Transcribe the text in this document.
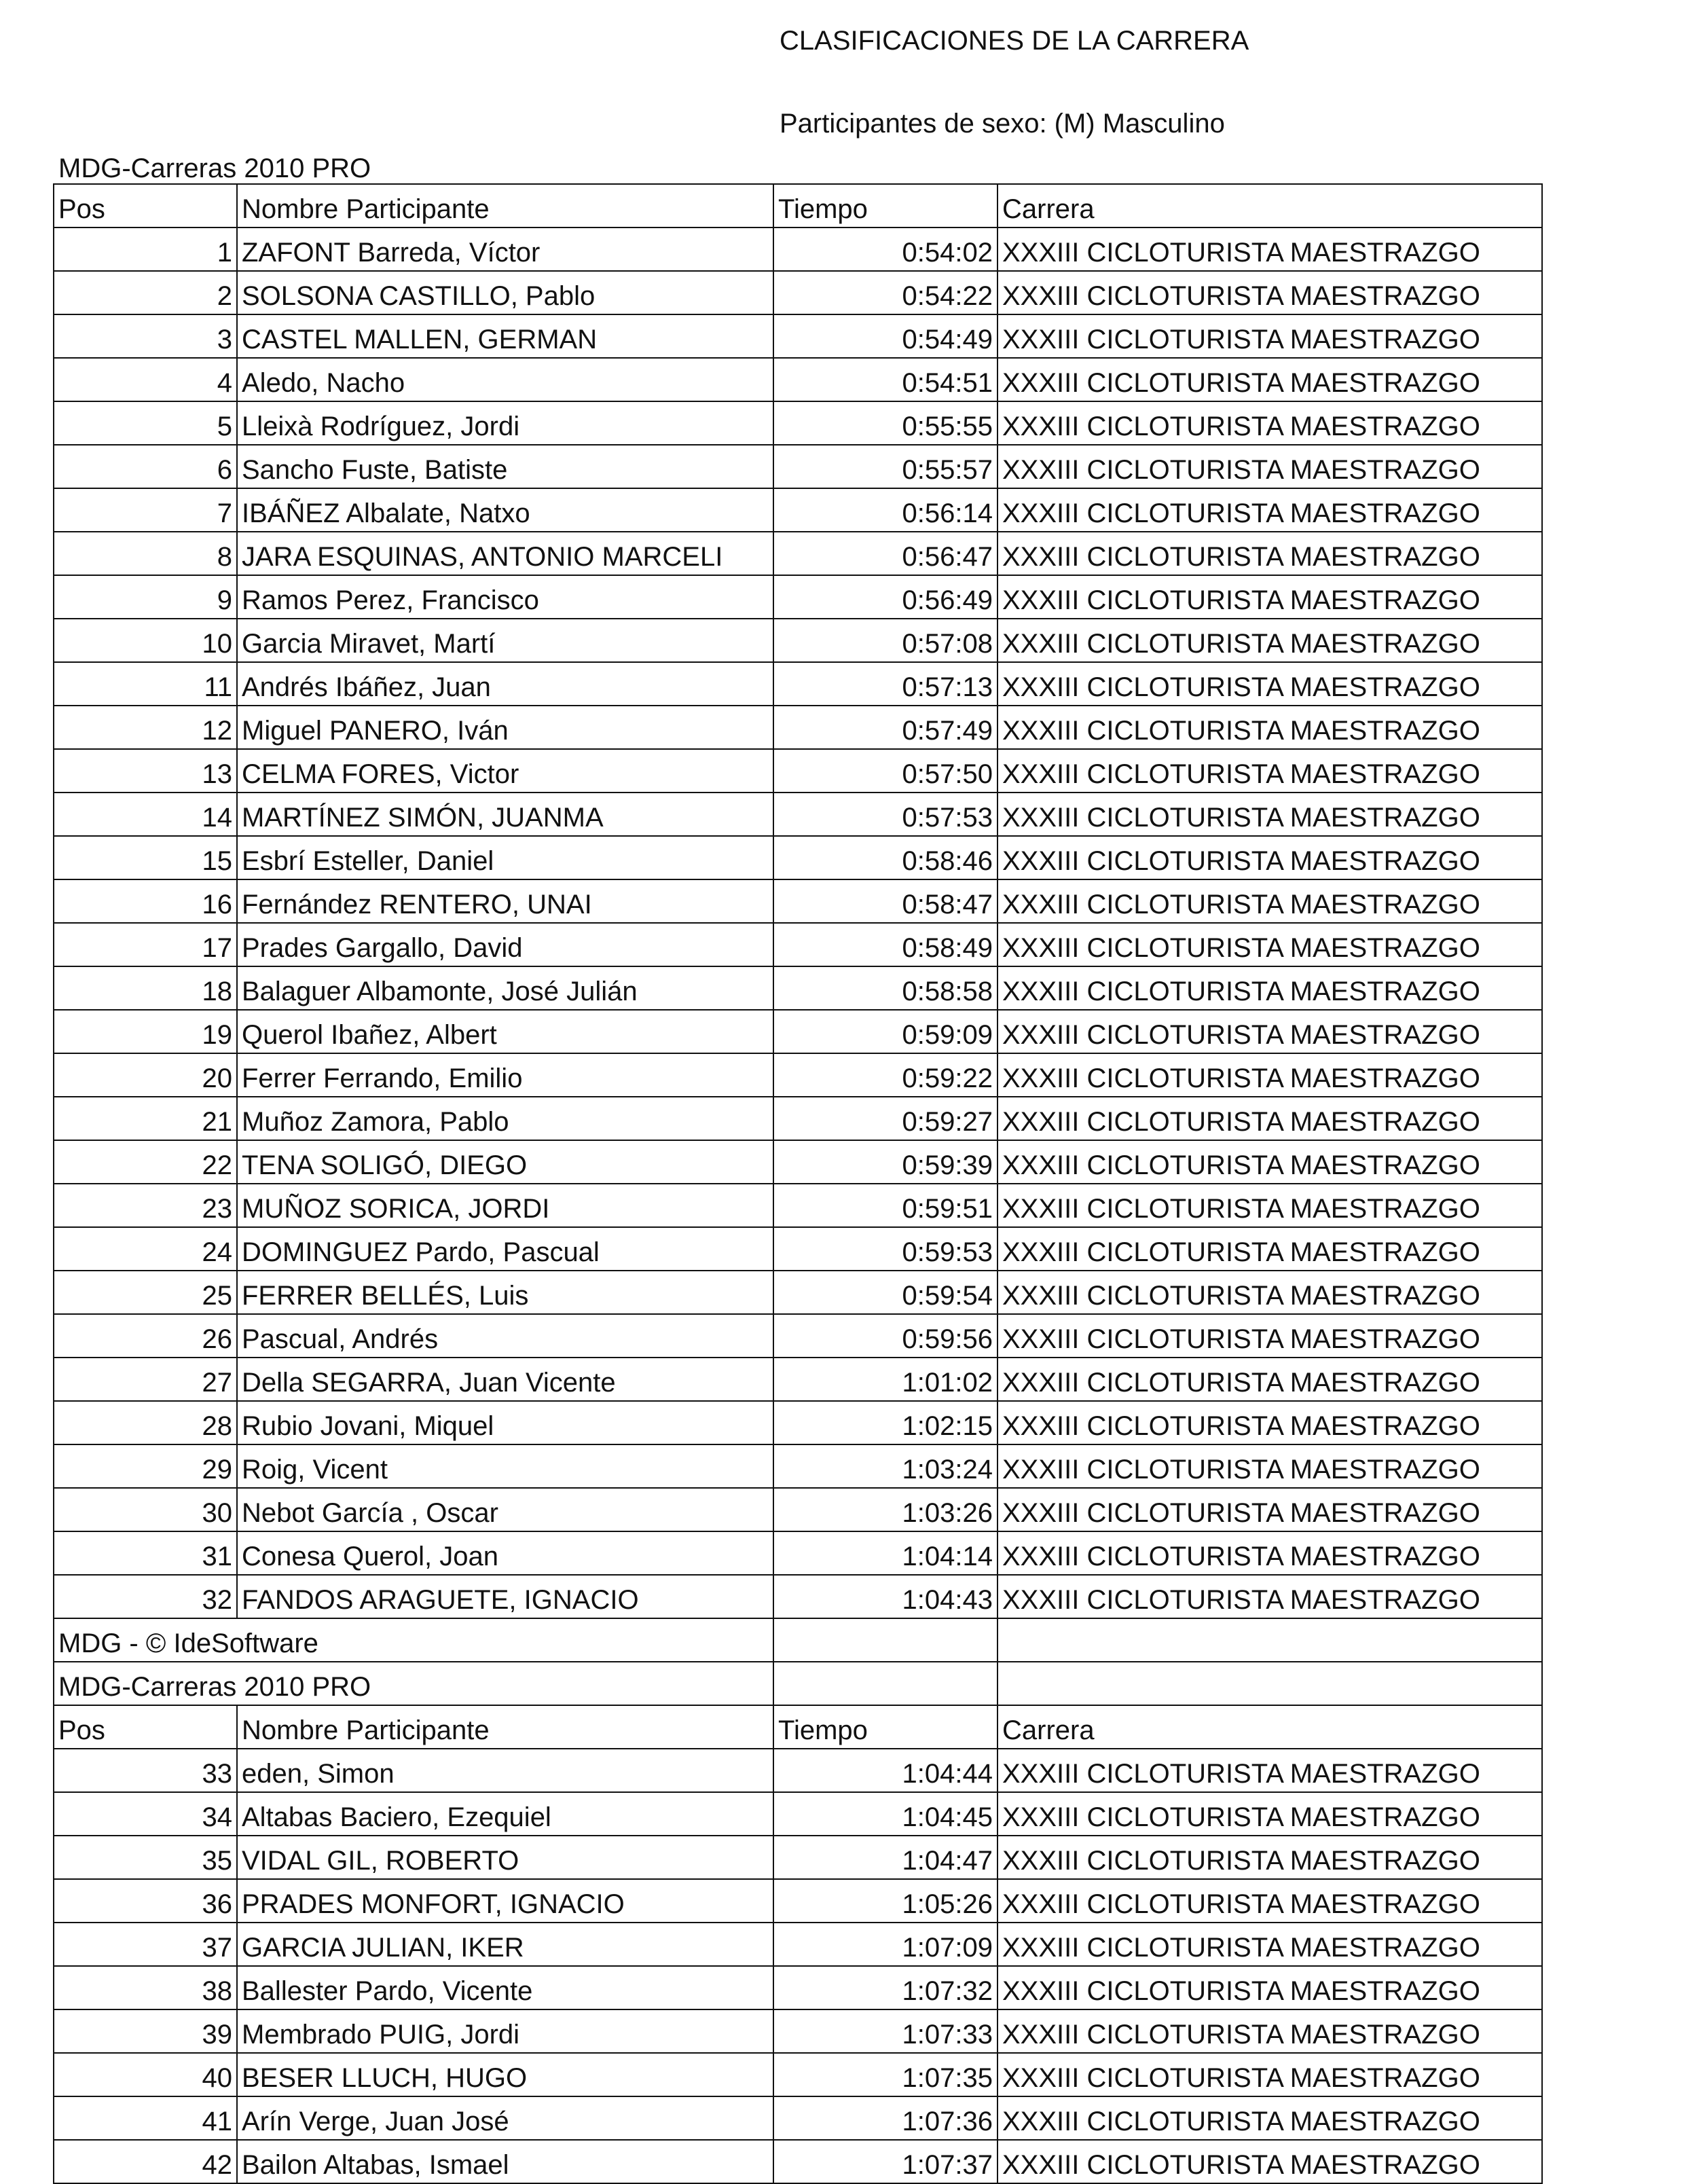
CLASIFICACIONES DE LA CARRERA
Participantes de sexo: (M) Masculino
MDG-Carreras 2010 PRO
Pos	Nombre Participante	Tiempo	Carrera
1	ZAFONT Barreda, Víctor	0:54:02	XXXIII CICLOTURISTA MAESTRAZGO
2	SOLSONA CASTILLO, Pablo	0:54:22	XXXIII CICLOTURISTA MAESTRAZGO
3	CASTEL MALLEN, GERMAN	0:54:49	XXXIII CICLOTURISTA MAESTRAZGO
4	Aledo, Nacho	0:54:51	XXXIII CICLOTURISTA MAESTRAZGO
5	Lleixà Rodríguez, Jordi	0:55:55	XXXIII CICLOTURISTA MAESTRAZGO
6	Sancho Fuste, Batiste	0:55:57	XXXIII CICLOTURISTA MAESTRAZGO
7	IBÁÑEZ Albalate, Natxo	0:56:14	XXXIII CICLOTURISTA MAESTRAZGO
8	JARA ESQUINAS, ANTONIO MARCELI	0:56:47	XXXIII CICLOTURISTA MAESTRAZGO
9	Ramos Perez, Francisco	0:56:49	XXXIII CICLOTURISTA MAESTRAZGO
10	Garcia Miravet, Martí	0:57:08	XXXIII CICLOTURISTA MAESTRAZGO
11	Andrés Ibáñez, Juan	0:57:13	XXXIII CICLOTURISTA MAESTRAZGO
12	Miguel PANERO, Iván	0:57:49	XXXIII CICLOTURISTA MAESTRAZGO
13	CELMA FORES, Victor	0:57:50	XXXIII CICLOTURISTA MAESTRAZGO
14	MARTÍNEZ SIMÓN, JUANMA	0:57:53	XXXIII CICLOTURISTA MAESTRAZGO
15	Esbrí Esteller, Daniel	0:58:46	XXXIII CICLOTURISTA MAESTRAZGO
16	Fernández RENTERO, UNAI	0:58:47	XXXIII CICLOTURISTA MAESTRAZGO
17	Prades Gargallo, David	0:58:49	XXXIII CICLOTURISTA MAESTRAZGO
18	Balaguer Albamonte, José Julián	0:58:58	XXXIII CICLOTURISTA MAESTRAZGO
19	Querol Ibañez, Albert	0:59:09	XXXIII CICLOTURISTA MAESTRAZGO
20	Ferrer Ferrando, Emilio	0:59:22	XXXIII CICLOTURISTA MAESTRAZGO
21	Muñoz Zamora, Pablo	0:59:27	XXXIII CICLOTURISTA MAESTRAZGO
22	TENA SOLIGÓ, DIEGO	0:59:39	XXXIII CICLOTURISTA MAESTRAZGO
23	MUÑOZ SORICA, JORDI	0:59:51	XXXIII CICLOTURISTA MAESTRAZGO
24	DOMINGUEZ Pardo, Pascual	0:59:53	XXXIII CICLOTURISTA MAESTRAZGO
25	FERRER BELLÉS, Luis	0:59:54	XXXIII CICLOTURISTA MAESTRAZGO
26	Pascual, Andrés	0:59:56	XXXIII CICLOTURISTA MAESTRAZGO
27	Della SEGARRA, Juan Vicente	1:01:02	XXXIII CICLOTURISTA MAESTRAZGO
28	Rubio Jovani, Miquel	1:02:15	XXXIII CICLOTURISTA MAESTRAZGO
29	Roig, Vicent	1:03:24	XXXIII CICLOTURISTA MAESTRAZGO
30	Nebot García , Oscar	1:03:26	XXXIII CICLOTURISTA MAESTRAZGO
31	Conesa Querol, Joan	1:04:14	XXXIII CICLOTURISTA MAESTRAZGO
32	FANDOS ARAGUETE, IGNACIO	1:04:43	XXXIII CICLOTURISTA MAESTRAZGO
MDG - © IdeSoftware			
MDG-Carreras 2010 PRO			
Pos	Nombre Participante	Tiempo	Carrera
33	eden, Simon	1:04:44	XXXIII CICLOTURISTA MAESTRAZGO
34	Altabas Baciero, Ezequiel	1:04:45	XXXIII CICLOTURISTA MAESTRAZGO
35	VIDAL GIL, ROBERTO	1:04:47	XXXIII CICLOTURISTA MAESTRAZGO
36	PRADES MONFORT, IGNACIO	1:05:26	XXXIII CICLOTURISTA MAESTRAZGO
37	GARCIA JULIAN, IKER	1:07:09	XXXIII CICLOTURISTA MAESTRAZGO
38	Ballester Pardo, Vicente	1:07:32	XXXIII CICLOTURISTA MAESTRAZGO
39	Membrado PUIG, Jordi	1:07:33	XXXIII CICLOTURISTA MAESTRAZGO
40	BESER LLUCH, HUGO	1:07:35	XXXIII CICLOTURISTA MAESTRAZGO
41	Arín Verge, Juan José	1:07:36	XXXIII CICLOTURISTA MAESTRAZGO
42	Bailon Altabas, Ismael	1:07:37	XXXIII CICLOTURISTA MAESTRAZGO
